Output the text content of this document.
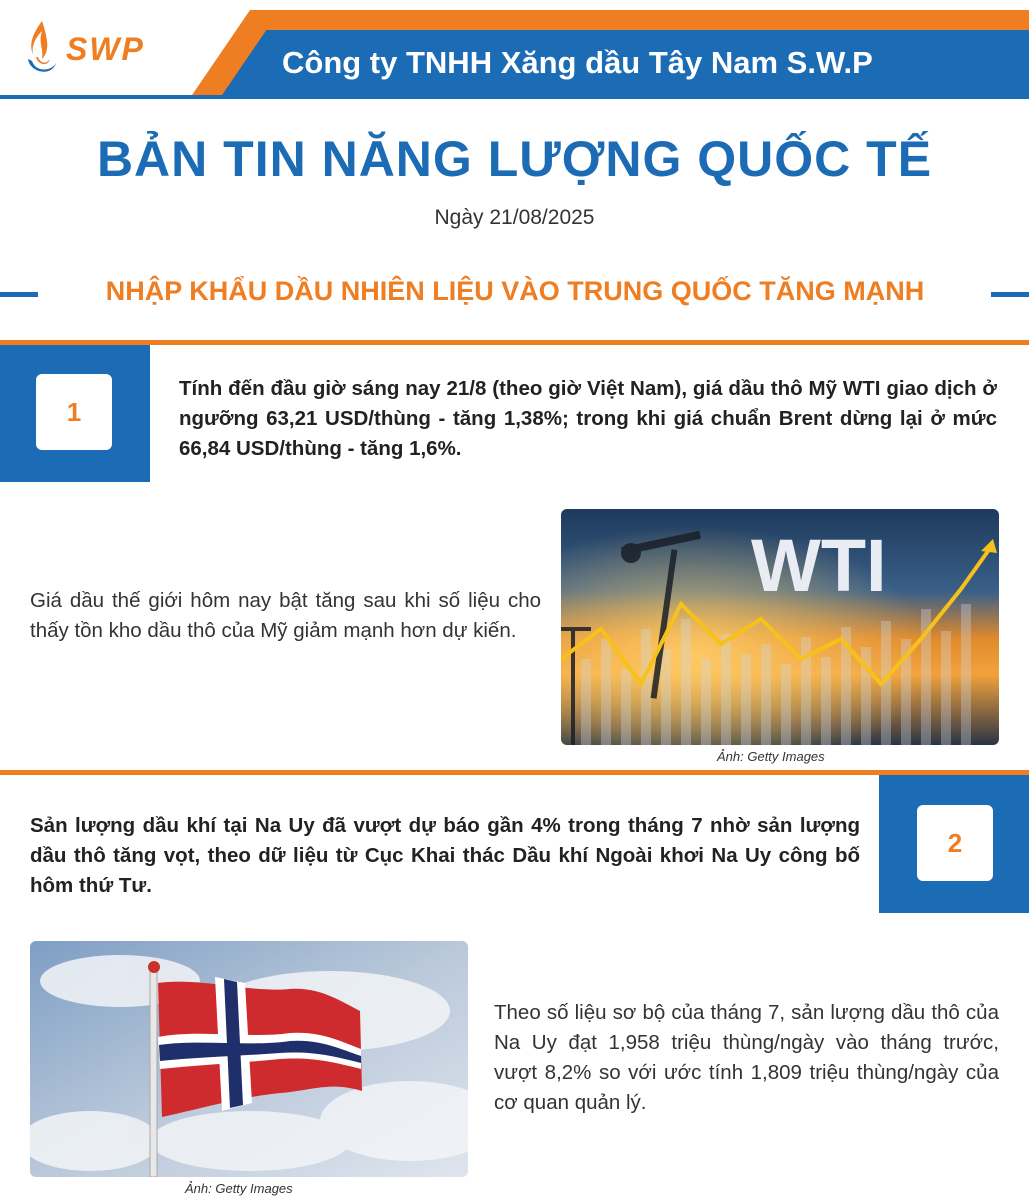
SWP	Công ty TNHH Xăng dầu Tây Nam S.W.P
BẢN TIN NĂNG LƯỢNG QUỐC TẾ
Ngày 21/08/2025
NHẬP KHẨU DẦU NHIÊN LIỆU VÀO TRUNG QUỐC TĂNG MẠNH
1
Tính đến đầu giờ sáng nay 21/8 (theo giờ Việt Nam), giá dầu thô Mỹ WTI giao dịch ở ngưỡng 63,21 USD/thùng - tăng 1,38%; trong khi giá chuẩn Brent dừng lại ở mức 66,84 USD/thùng - tăng 1,6%.
Giá dầu thế giới hôm nay bật tăng sau khi số liệu cho thấy tồn kho dầu thô của Mỹ giảm mạnh hơn dự kiến.
WTI
Ảnh: Getty Images
2
Sản lượng dầu khí tại Na Uy đã vượt dự báo gần 4% trong tháng 7 nhờ sản lượng dầu thô tăng vọt, theo dữ liệu từ Cục Khai thác Dầu khí Ngoài khơi Na Uy công bố hôm thứ Tư.
Ảnh: Getty Images
Theo số liệu sơ bộ của tháng 7, sản lượng dầu thô của Na Uy đạt 1,958 triệu thùng/ngày vào tháng trước, vượt 8,2% so với ước tính 1,809 triệu thùng/ngày của cơ quan quản lý.
